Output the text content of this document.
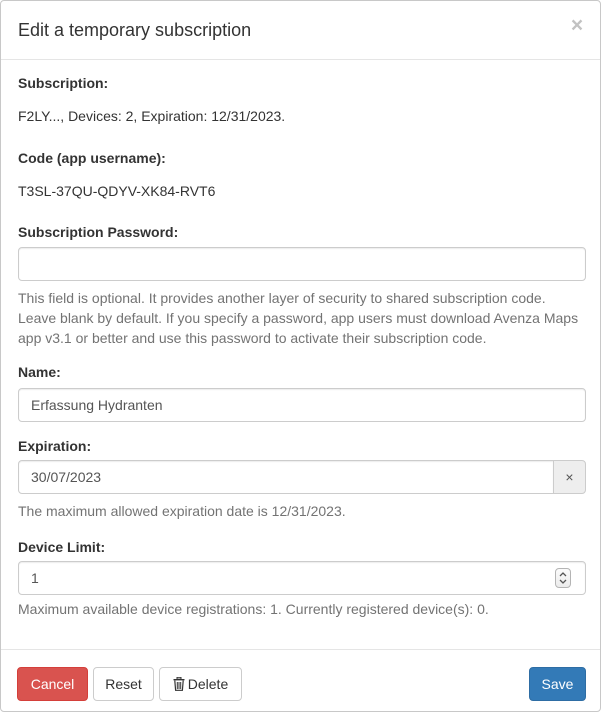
Edit a temporary subscription	×
Subscription:
F2LY..., Devices: 2, Expiration: 12/31/2023.
Code (app username):
T3SL-37QU-QDYV-XK84-RVT6
Subscription Password:
This field is optional. It provides another layer of security to shared subscription code.
Leave blank by default. If you specify a password, app users must download Avenza Maps
app v3.1 or better and use this password to activate their subscription code.
Name:
Erfassung Hydranten
Expiration:
30/07/2023
×
The maximum allowed expiration date is 12/31/2023.
Device Limit:
1
Maximum available device registrations: 1. Currently registered device(s): 0.
Cancel	Reset	Delete	Save
